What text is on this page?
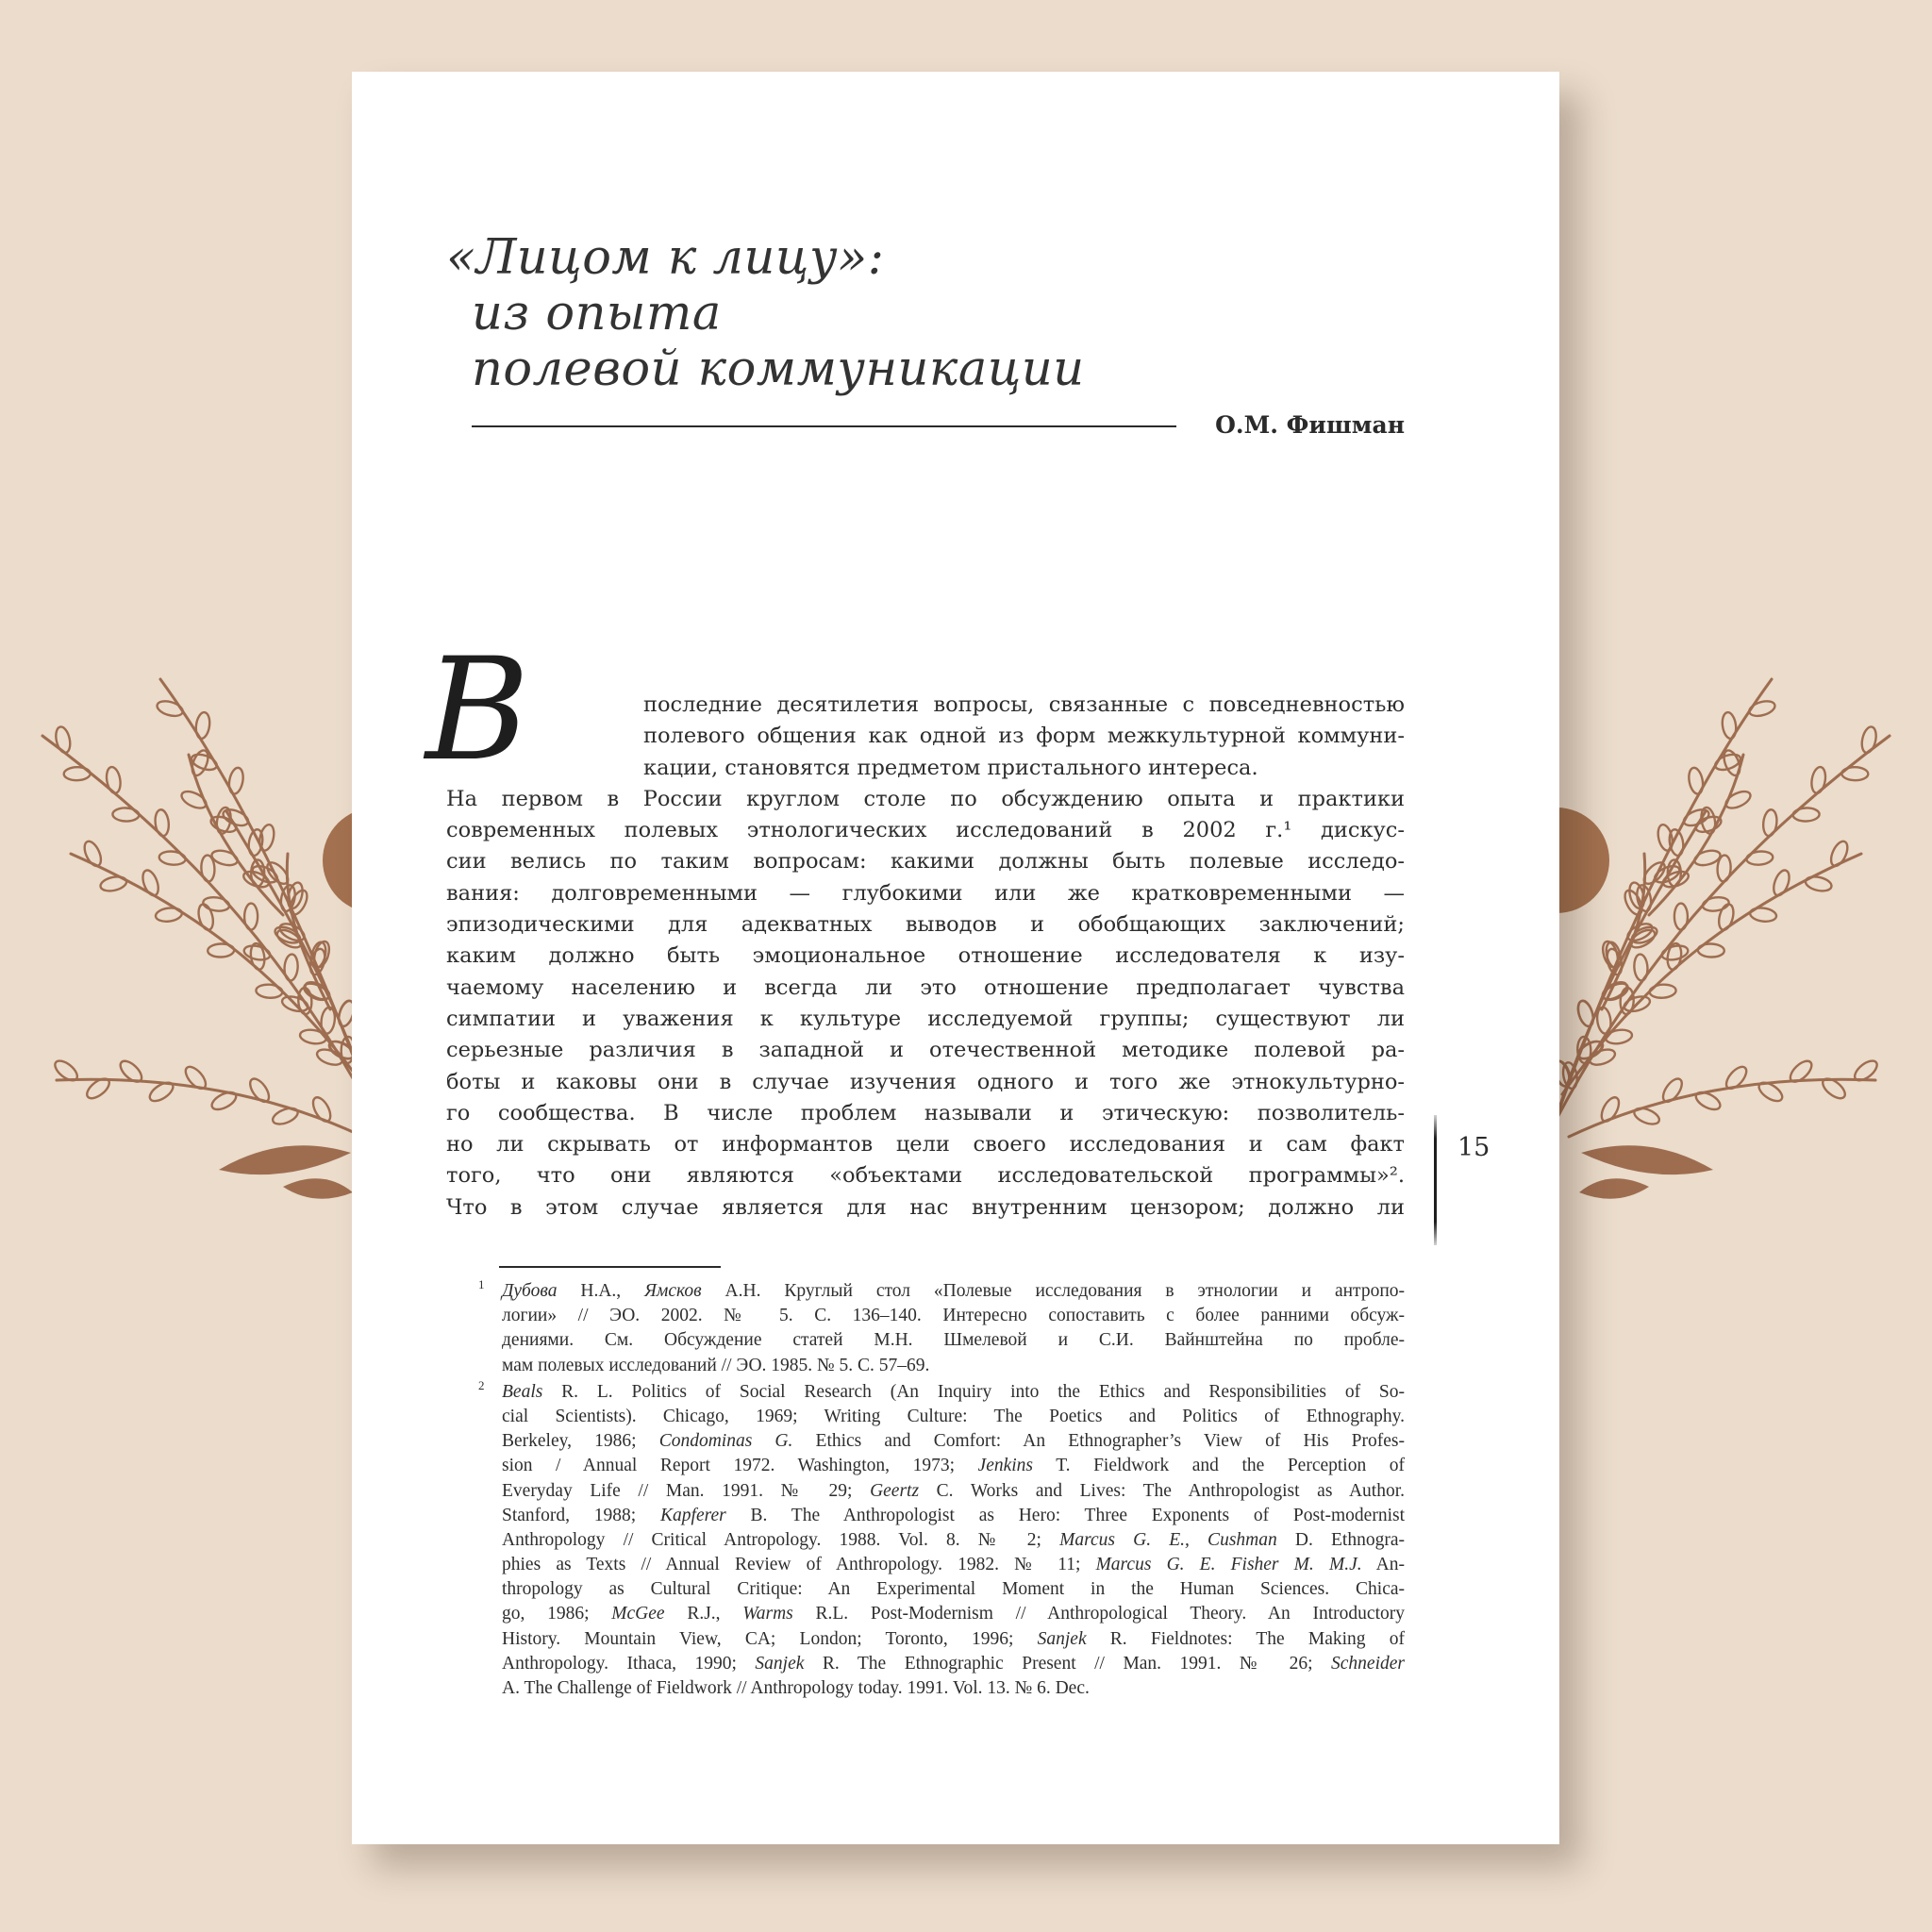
«Лицом к лицу»:
из опыта
полевой коммуникации
О.М. Фишман
В	последние десятилетия вопросы, связанные с повседневностью
полевого общения как одной из форм межкультурной коммуни-
кации, становятся предметом пристального интереса.
На первом в России круглом столе по обсуждению опыта и практики
современных полевых этнологических исследований в 2002 г.¹ дискус-
сии велись по таким вопросам: какими должны быть полевые исследо-
вания: долговременными — глубокими или же кратковременными —
эпизодическими для адекватных выводов и обобщающих заключений;
каким должно быть эмоциональное отношение исследователя к изу-
чаемому населению и всегда ли это отношение предполагает чувства
симпатии и уважения к культуре исследуемой группы; существуют ли
серьезные различия в западной и отечественной методике полевой ра-
боты и каковы они в случае изучения одного и того же этнокультурно-
го сообщества. В числе проблем называли и этическую: позволитель-
но ли скрывать от информантов цели своего исследования и сам факт
того, что они являются «объектами исследовательской программы»².
Что в этом случае является для нас внутренним цензором; должно ли
1 Дубова Н.А., Ямсков А.Н. Круглый стол «Полевые исследования в этнологии и антропо-
логии» // ЭО. 2002. № 5. С. 136–140. Интересно сопоставить с более ранними обсуж-
дениями. См. Обсуждение статей М.Н. Шмелевой и С.И. Вайнштейна по пробле-
мам полевых исследований // ЭО. 1985. № 5. С. 57–69.
2 Beals R. L. Politics of Social Research (An Inquiry into the Ethics and Responsibilities of So-
cial Scientists). Chicago, 1969; Writing Culture: The Poetics and Politics of Ethnography.
Berkeley, 1986; Condominas G. Ethics and Comfort: An Ethnographer’s View of His Profes-
sion / Annual Report 1972. Washington, 1973; Jenkins T. Fieldwork and the Perception of
Everyday Life // Man. 1991. № 29; Geertz C. Works and Lives: The Anthropologist as Author.
Stanford, 1988; Kapferer B. The Anthropologist as Hero: Three Exponents of Post-modernist
Anthropology // Critical Antropology. 1988. Vol. 8. № 2; Marcus G. E., Cushman D. Ethnogra-
phies as Texts // Annual Review of Anthropology. 1982. № 11; Marcus G. E. Fisher M. M.J. An-
thropology as Cultural Critique: An Experimental Moment in the Human Sciences. Chica-
go, 1986; McGee R.J., Warms R.L. Post-Modernism // Anthropological Theory. An Introductory
History. Mountain View, CA; London; Toronto, 1996; Sanjek R. Fieldnotes: The Making of
Anthropology. Ithaca, 1990; Sanjek R. The Ethnographic Present // Man. 1991. № 26; Schneider
A. The Challenge of Fieldwork // Anthropology today. 1991. Vol. 13. № 6. Dec.
15
